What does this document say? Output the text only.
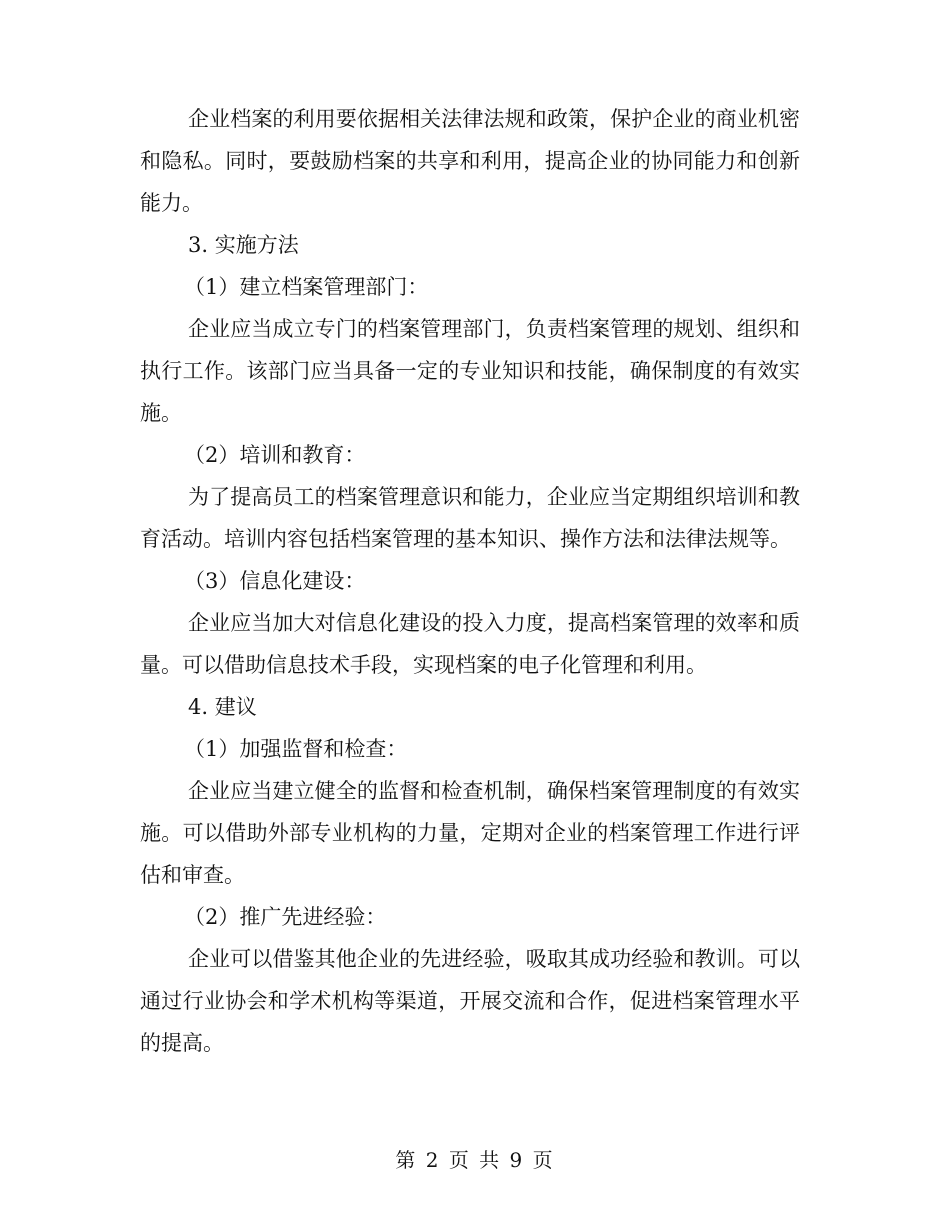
企业档案的利用要依据相关法律法规和政策，保护企业的商业机密和隐私。同时，要鼓励档案的共享和利用，提高企业的协同能力和创新能力。

3. 实施方法

（1）建立档案管理部门：

企业应当成立专门的档案管理部门，负责档案管理的规划、组织和执行工作。该部门应当具备一定的专业知识和技能，确保制度的有效实施。

（2）培训和教育：

为了提高员工的档案管理意识和能力，企业应当定期组织培训和教育活动。培训内容包括档案管理的基本知识、操作方法和法律法规等。

（3）信息化建设：

企业应当加大对信息化建设的投入力度，提高档案管理的效率和质量。可以借助信息技术手段，实现档案的电子化管理和利用。

4. 建议

（1）加强监督和检查：

企业应当建立健全的监督和检查机制，确保档案管理制度的有效实施。可以借助外部专业机构的力量，定期对企业的档案管理工作进行评估和审查。

（2）推广先进经验：

企业可以借鉴其他企业的先进经验，吸取其成功经验和教训。可以通过行业协会和学术机构等渠道，开展交流和合作，促进档案管理水平的提高。

第 2 页 共 9 页
